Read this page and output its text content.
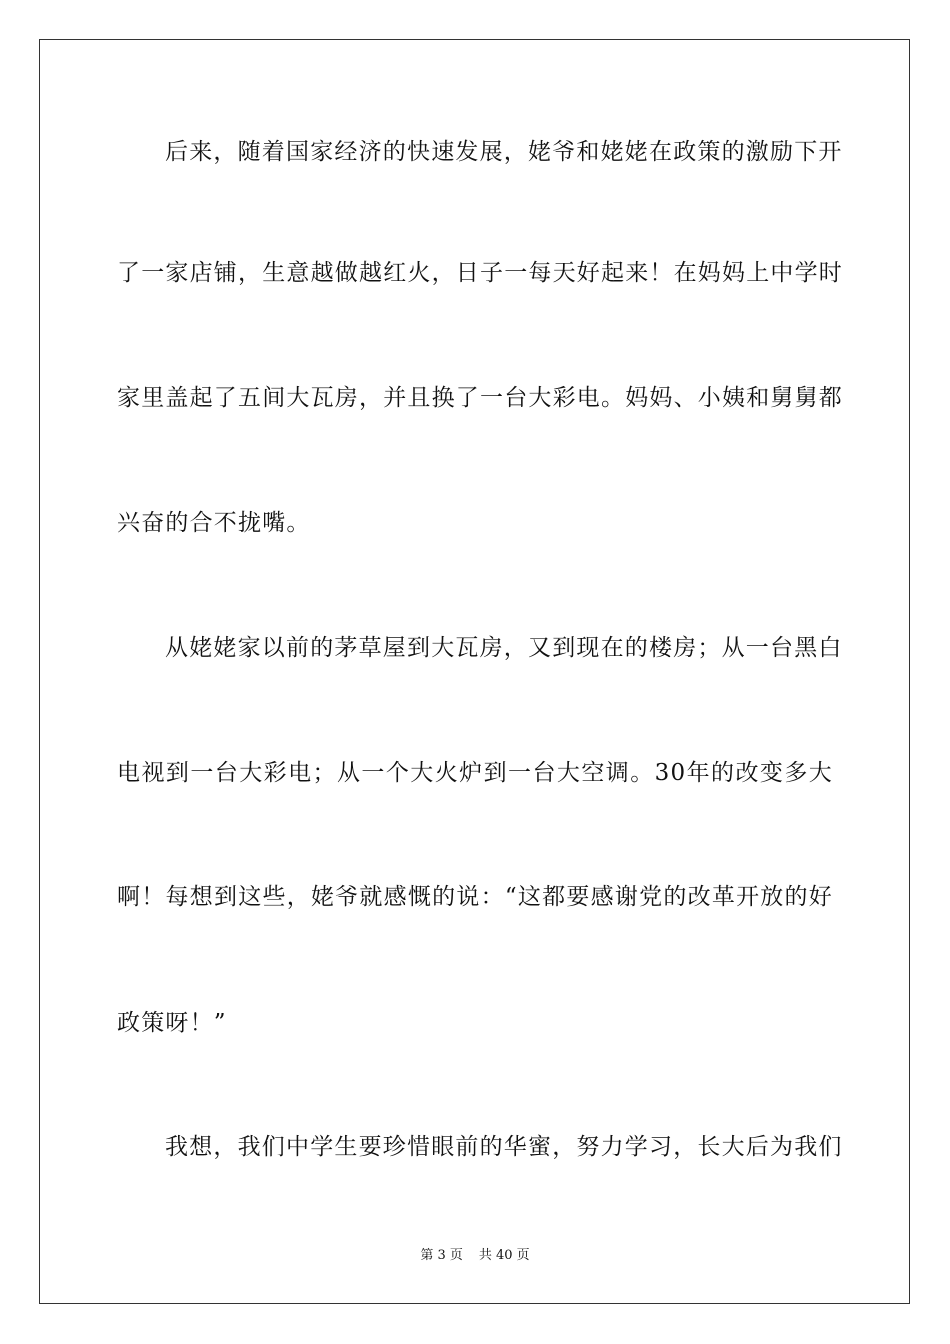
后来，随着国家经济的快速发展，姥爷和姥姥在政策的激励下开
了一家店铺，生意越做越红火，日子一每天好起来！在妈妈上中学时
家里盖起了五间大瓦房，并且换了一台大彩电。妈妈、小姨和舅舅都
兴奋的合不拢嘴。
从姥姥家以前的茅草屋到大瓦房，又到现在的楼房；从一台黑白
电视到一台大彩电；从一个大火炉到一台大空调。30年的改变多大
啊！每想到这些，姥爷就感慨的说：“这都要感谢党的改革开放的好
政策呀！”
我想，我们中学生要珍惜眼前的华蜜，努力学习，长大后为我们
第 3 页 共 40 页
